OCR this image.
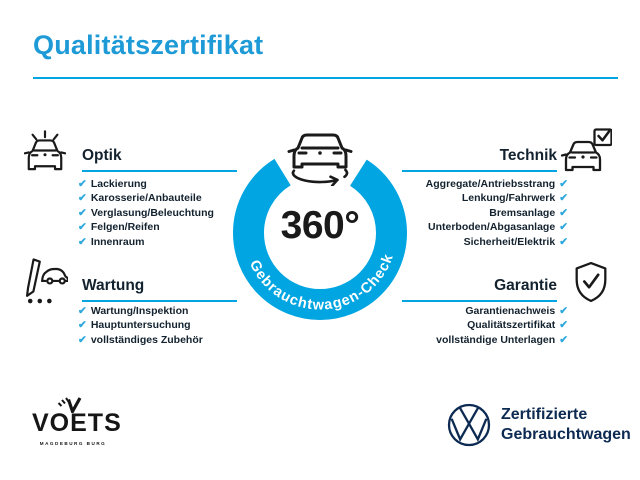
Qualitätszertifikat
Gebrauchtwagen-Check
360°
Optik
✔ Lackierung
✔ Karosserie/Anbauteile
✔ Verglasung/Beleuchtung
✔ Felgen/Reifen
✔ Innenraum
Wartung
✔ Wartung/Inspektion
✔ Hauptuntersuchung
✔ vollständiges Zubehör
Technik
Aggregate/Antriebsstrang ✔
Lenkung/Fahrwerk ✔
Bremsanlage ✔
Unterboden/Abgasanlage ✔
Sicherheit/Elektrik ✔
Garantie
Garantienachweis ✔
Qualitätszertifikat ✔
vollständige Unterlagen ✔
VOETS
MAGDEBURG BURG
Zertifizierte
Gebrauchtwagen
